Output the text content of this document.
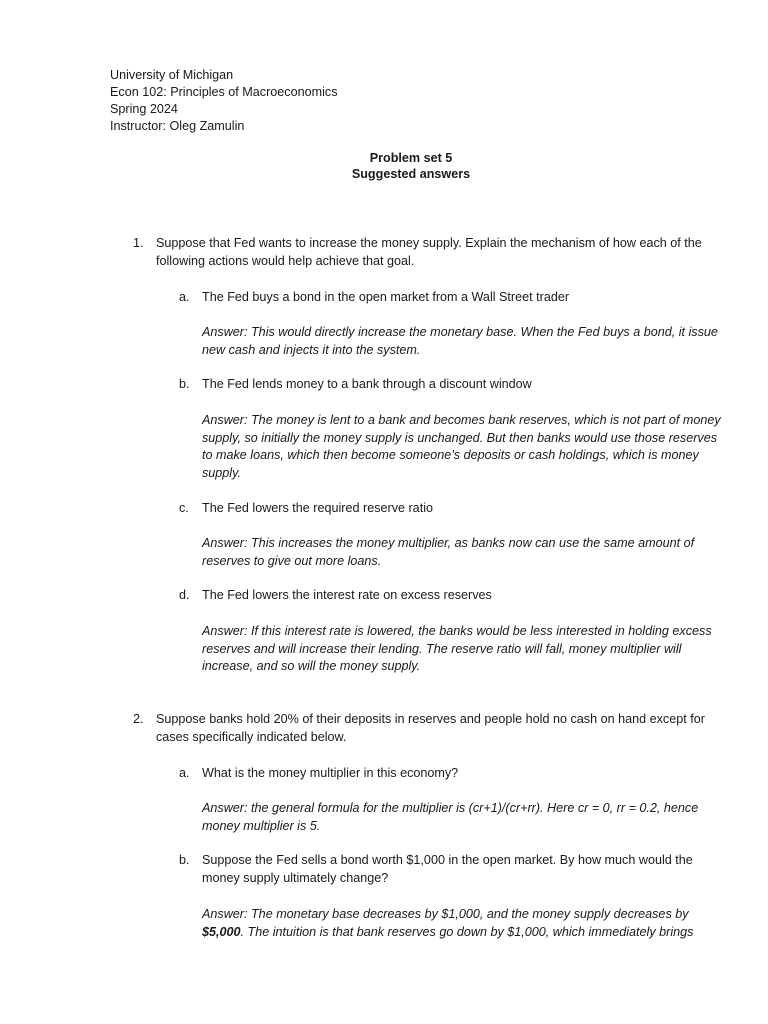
University of Michigan
Econ 102: Principles of Macroeconomics
Spring 2024
Instructor: Oleg Zamulin
Problem set 5
Suggested answers
1. Suppose that Fed wants to increase the money supply. Explain the mechanism of how each of the following actions would help achieve that goal.
a. The Fed buys a bond in the open market from a Wall Street trader
Answer: This would directly increase the monetary base. When the Fed buys a bond, it issue new cash and injects it into the system.
b. The Fed lends money to a bank through a discount window
Answer: The money is lent to a bank and becomes bank reserves, which is not part of money supply, so initially the money supply is unchanged. But then banks would use those reserves to make loans, which then become someone’s deposits or cash holdings, which is money supply.
c. The Fed lowers the required reserve ratio
Answer: This increases the money multiplier, as banks now can use the same amount of reserves to give out more loans.
d. The Fed lowers the interest rate on excess reserves
Answer: If this interest rate is lowered, the banks would be less interested in holding excess reserves and will increase their lending. The reserve ratio will fall, money multiplier will increase, and so will the money supply.
2. Suppose banks hold 20% of their deposits in reserves and people hold no cash on hand except for cases specifically indicated below.
a. What is the money multiplier in this economy?
Answer: the general formula for the multiplier is (cr+1)/(cr+rr). Here cr = 0, rr = 0.2, hence money multiplier is 5.
b. Suppose the Fed sells a bond worth $1,000 in the open market. By how much would the money supply ultimately change?
Answer: The monetary base decreases by $1,000, and the money supply decreases by $5,000. The intuition is that bank reserves go down by $1,000, which immediately brings
